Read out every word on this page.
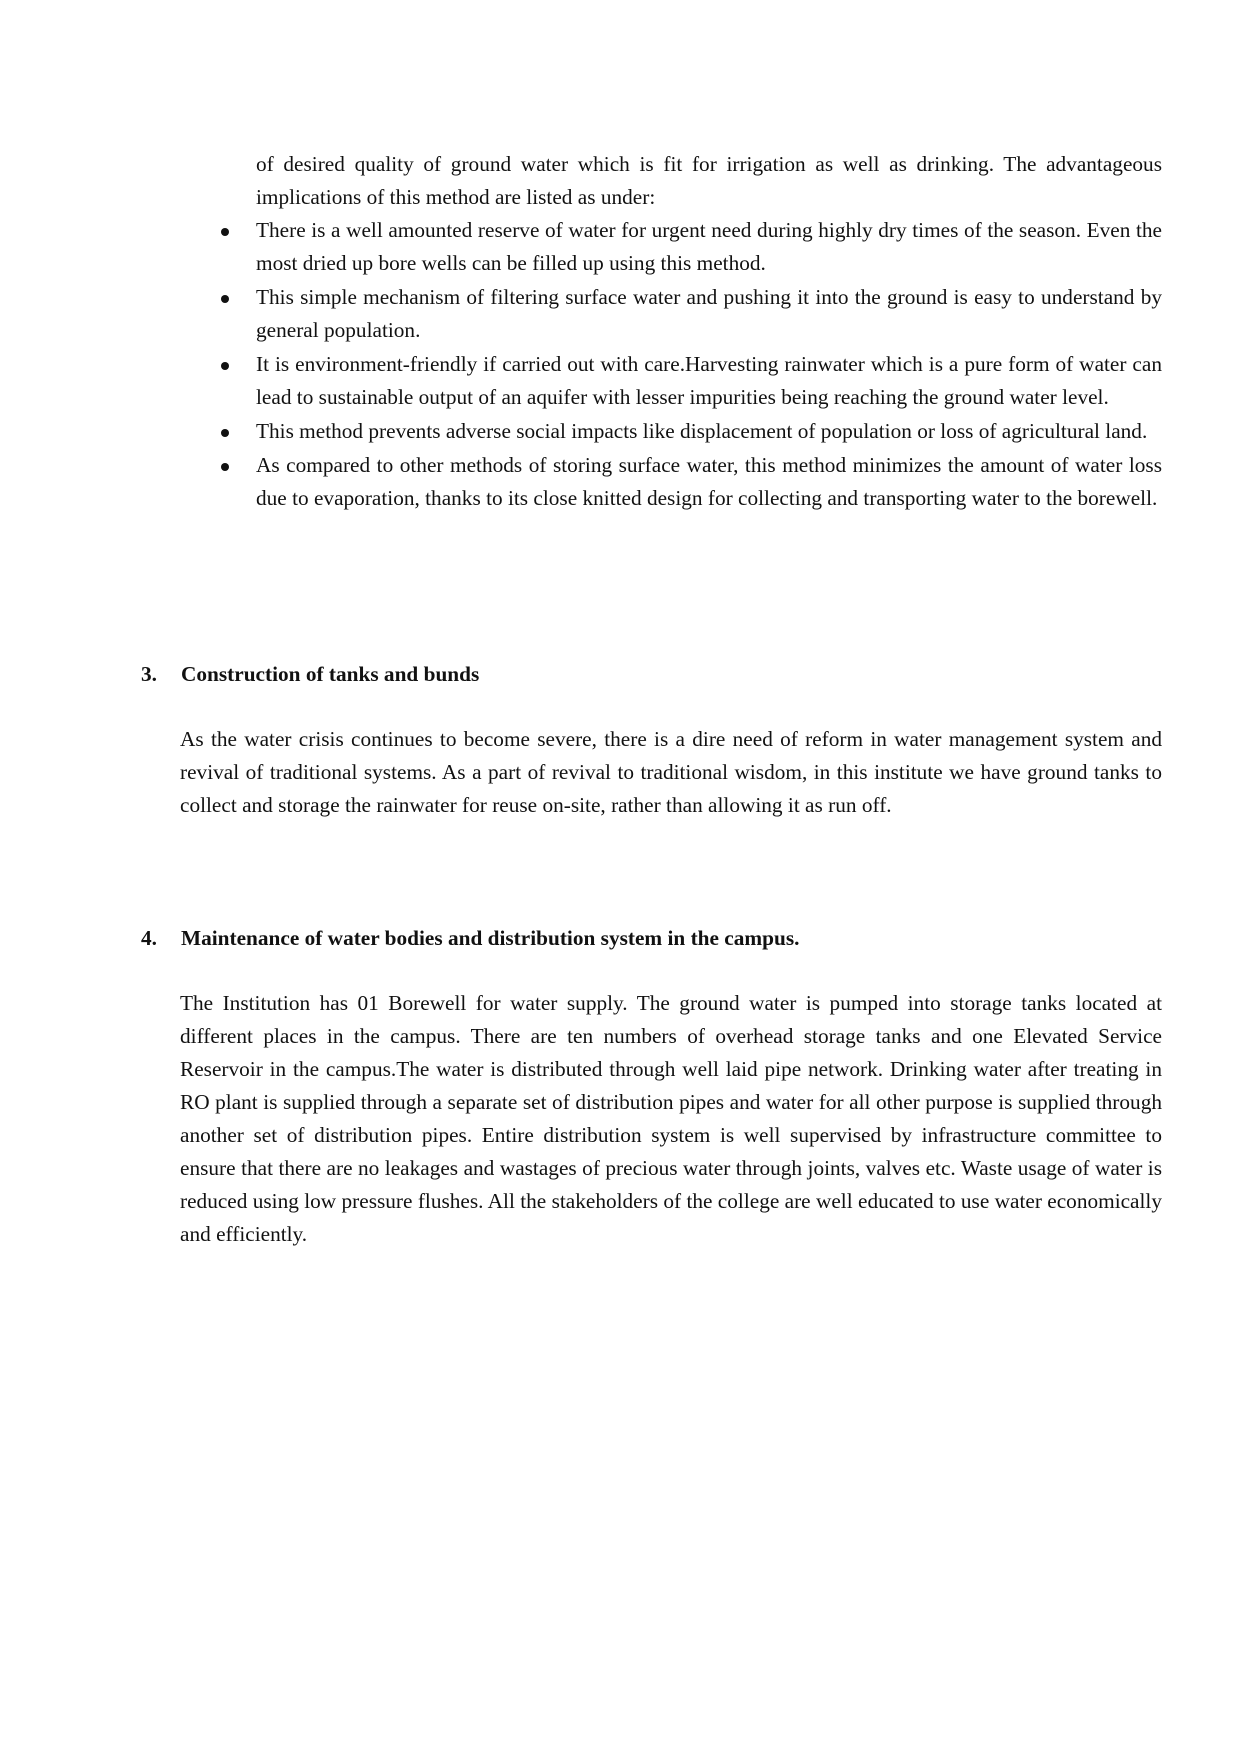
of desired quality of ground water which is fit for irrigation as well as drinking. The advantageous implications of this method are listed as under:

There is a well amounted reserve of water for urgent need during highly dry times of the season. Even the most dried up bore wells can be filled up using this method.
This simple mechanism of filtering surface water and pushing it into the ground is easy to understand by general population.
It is environment-friendly if carried out with care.Harvesting rainwater which is a pure form of water can lead to sustainable output of an aquifer with lesser impurities being reaching the ground water level.
This method prevents adverse social impacts like displacement of population or loss of agricultural land.
As compared to other methods of storing surface water, this method minimizes the amount of water loss due to evaporation, thanks to its close knitted design for collecting and transporting water to the borewell.
3.	Construction of tanks and bunds

As the water crisis continues to become severe, there is a dire need of reform in water management system and revival of traditional systems. As a part of revival to traditional wisdom, in this institute we have ground tanks to collect and storage the rainwater for reuse on-site, rather than allowing it as run off.

4.	Maintenance of water bodies and distribution system in the campus.

The Institution has 01 Borewell for water supply. The ground water is pumped into storage tanks located at different places in the campus. There are ten numbers of overhead storage tanks and one Elevated Service Reservoir in the campus.The water is distributed through well laid pipe network. Drinking water after treating in RO plant is supplied through a separate set of distribution pipes and water for all other purpose is supplied through another set of distribution pipes. Entire distribution system is well supervised by infrastructure committee to ensure that there are no leakages and wastages of precious water through joints, valves etc. Waste usage of water is reduced using low pressure flushes. All the stakeholders of the college are well educated to use water economically and efficiently.
